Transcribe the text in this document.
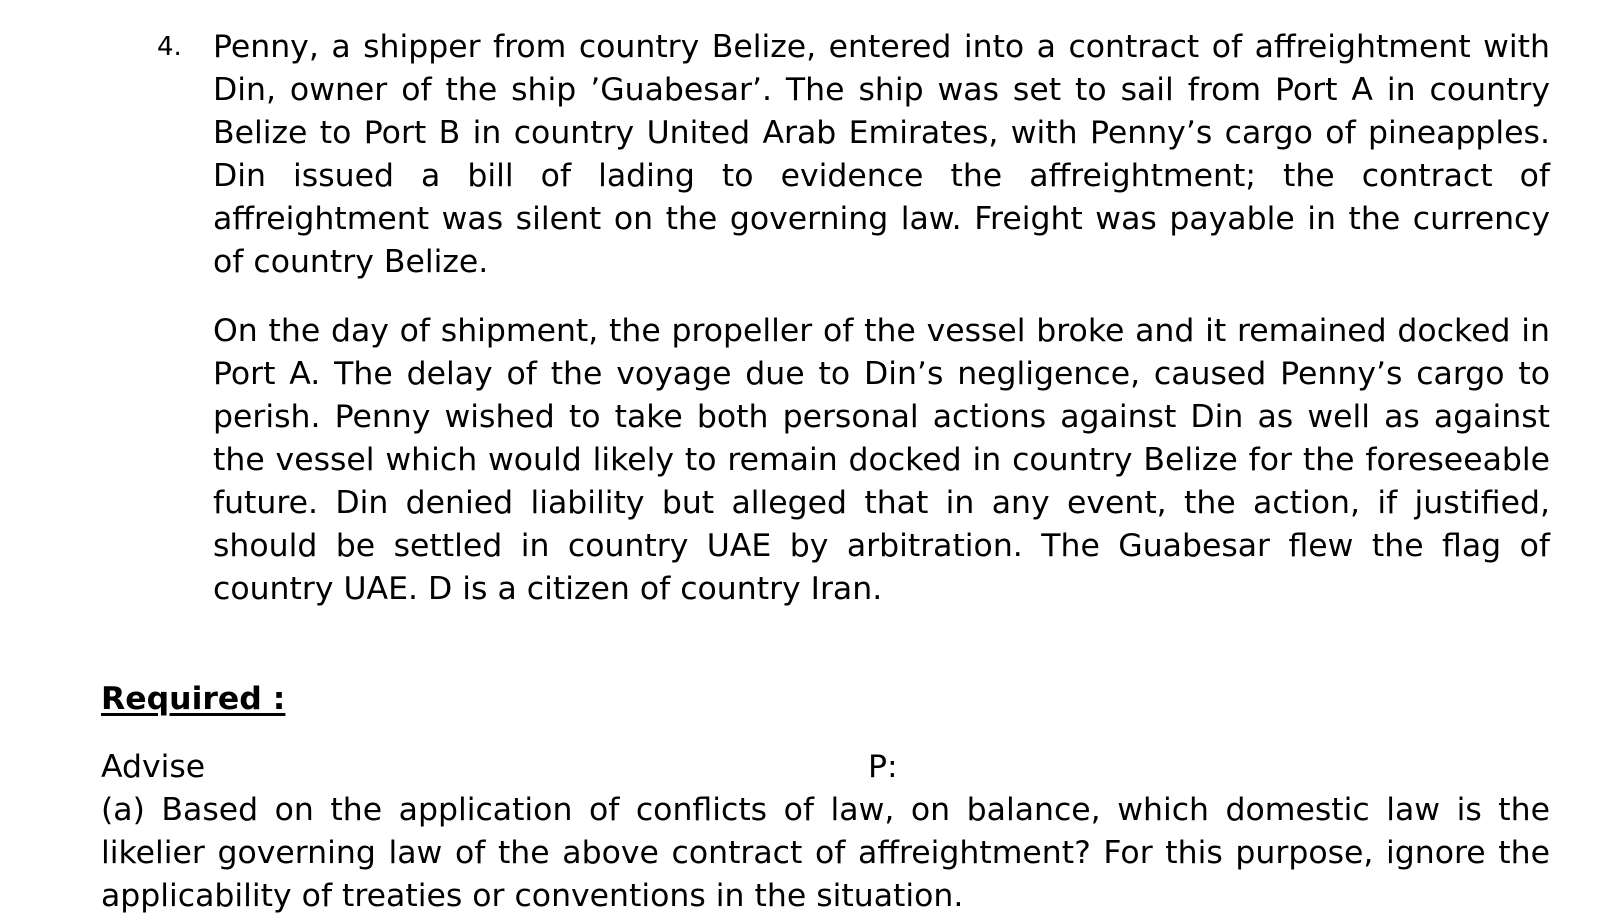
4. Penny, a shipper from country Belize, entered into a contract of affreightment with Din, owner of the ship ’Guabesar’. The ship was set to sail from Port A in country Belize to Port B in country United Arab Emirates, with Penny’s cargo of pineapples. Din issued a bill of lading to evidence the affreightment; the contract of affreightment was silent on the governing law. Freight was payable in the currency of country Belize.

On the day of shipment, the propeller of the vessel broke and it remained docked in Port A. The delay of the voyage due to Din’s negligence, caused Penny’s cargo to perish. Penny wished to take both personal actions against Din as well as against the vessel which would likely to remain docked in country Belize for the foreseeable future. Din denied liability but alleged that in any event, the action, if justified, should be settled in country UAE by arbitration. The Guabesar flew the flag of country UAE. D is a citizen of country Iran.

Required :

Advise	P:

(a) Based on the application of conflicts of law, on balance, which domestic law is the likelier governing law of the above contract of affreightment? For this purpose, ignore the applicability of treaties or conventions in the situation.
